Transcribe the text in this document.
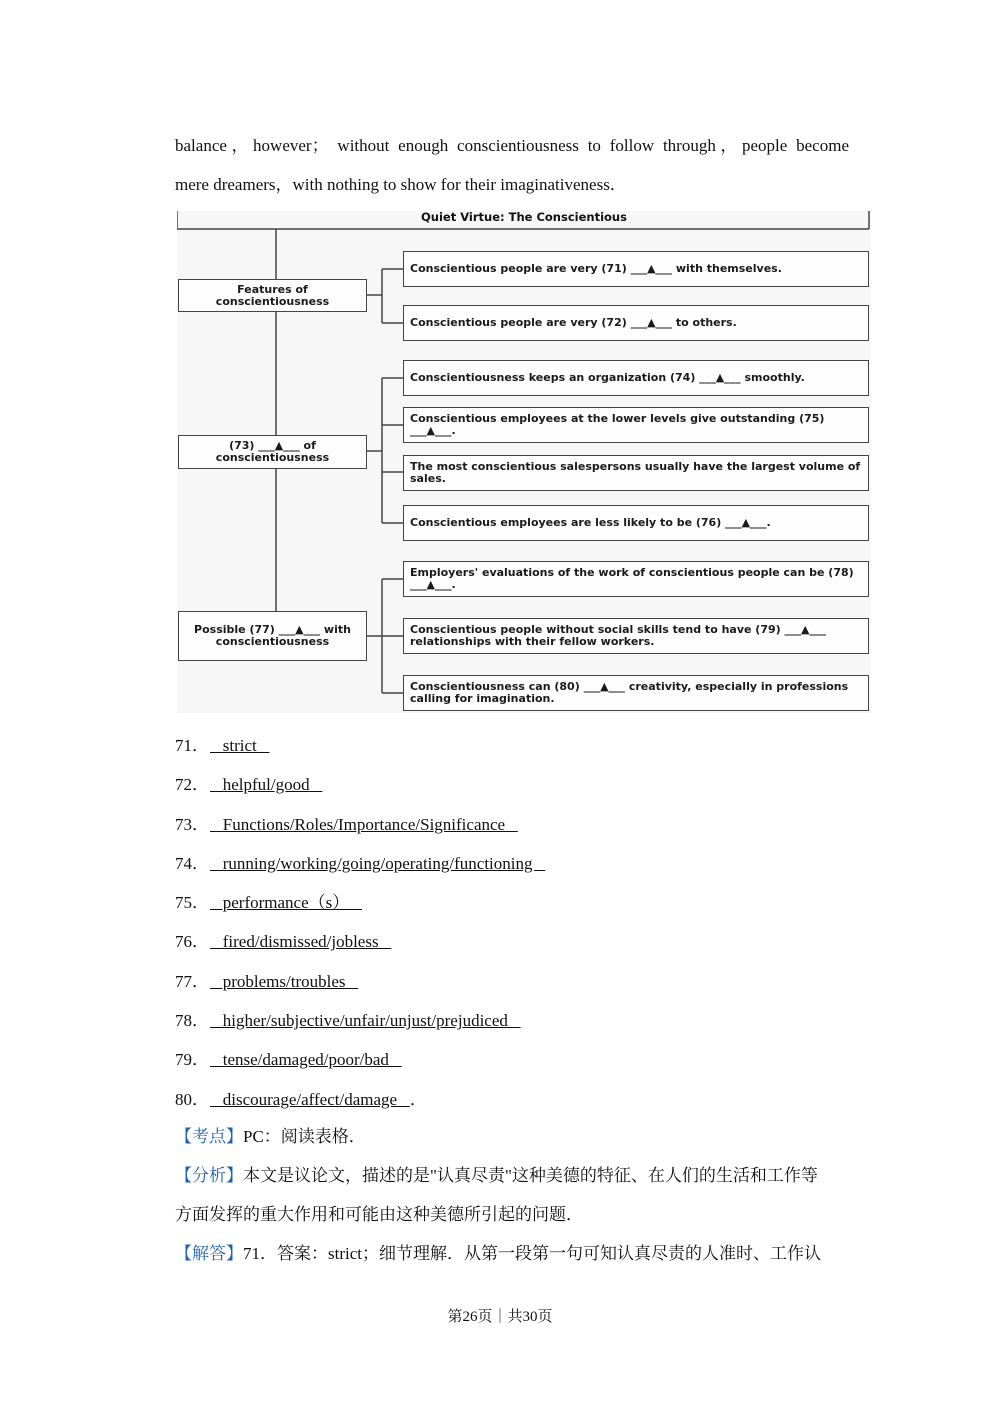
balance，however； without enough conscientiousness to follow through，people become
mere dreamers，with nothing to show for their imaginativeness．
Quiet Virtue: The Conscientious
Features of
conscientiousness
(73) ___▲___ of
conscientiousness
Possible (77) ___▲___ with
conscientiousness
Conscientious people are very (71) ___▲___ with themselves.
Conscientious people are very (72) ___▲___ to others.
Conscientiousness keeps an organization (74) ___▲___ smoothly.
Conscientious employees at the lower levels give outstanding (75) ___▲___.
The most conscientious salespersons usually have the largest volume of sales.
Conscientious employees are less likely to be (76) ___▲___.
Employers' evaluations of the work of conscientious people can be (78) ___▲___.
Conscientious people without social skills tend to have (79) ___▲___ relationships with their fellow workers.
Conscientiousness can (80) ___▲___ creativity, especially in professions calling for imagination.
71．   strict
72．   helpful/good
73．   Functions/Roles/Importance/Significance
74．   running/working/going/operating/functioning
75．   performance（s）
76．   fired/dismissed/jobless
77．   problems/troubles
78．   higher/subjective/unfair/unjust/prejudiced
79．   tense/damaged/poor/bad
80．   discourage/affect/damage   ．
【考点】PC：阅读表格．
【分析】本文是议论文，描述的是"认真尽责"这种美德的特征、在人们的生活和工作等
方面发挥的重大作用和可能由这种美德所引起的问题．
【解答】71．答案：strict；细节理解．从第一段第一句可知认真尽责的人准时、工作认
第26页｜共30页
